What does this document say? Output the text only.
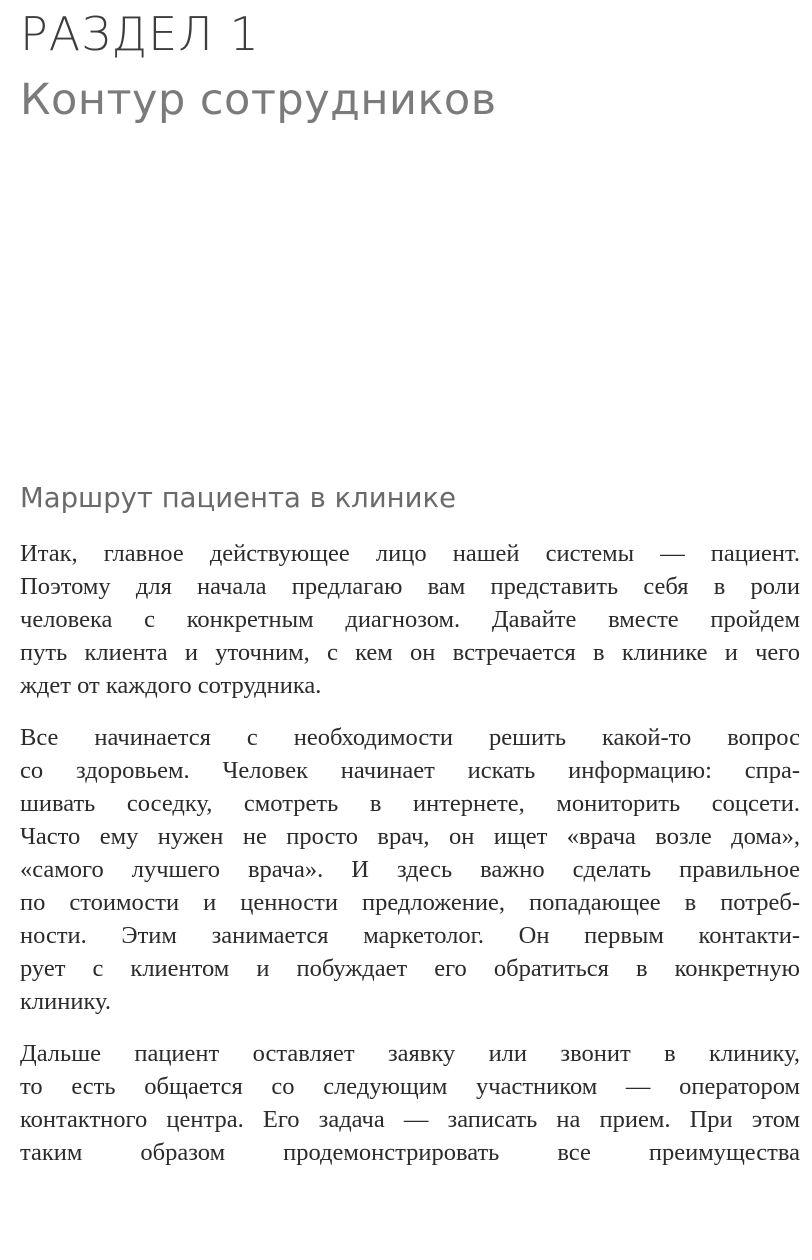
РАЗДЕЛ 1
Контур сотрудников
Маршрут пациента в клинике
Итак, главное действующее лицо нашей системы — пациент.
Поэтому для начала предлагаю вам представить себя в роли
человека с конкретным диагнозом. Давайте вместе пройдем
путь клиента и уточним, с кем он встречается в клинике и чего
ждет от каждого сотрудника.
Все начинается с необходимости решить какой-то вопрос
со здоровьем. Человек начинает искать информацию: спра-
шивать соседку, смотреть в интернете, мониторить соцсети.
Часто ему нужен не просто врач, он ищет «врача возле дома»,
«самого лучшего врача». И здесь важно сделать правильное
по стоимости и ценности предложение, попадающее в потреб-
ности. Этим занимается маркетолог. Он первым контакти-
рует с клиентом и побуждает его обратиться в конкретную
клинику.
Дальше пациент оставляет заявку или звонит в клинику,
то есть общается со следующим участником — оператором
контактного центра. Его задача — записать на прием. При этом
таким образом продемонстрировать все преимущества
